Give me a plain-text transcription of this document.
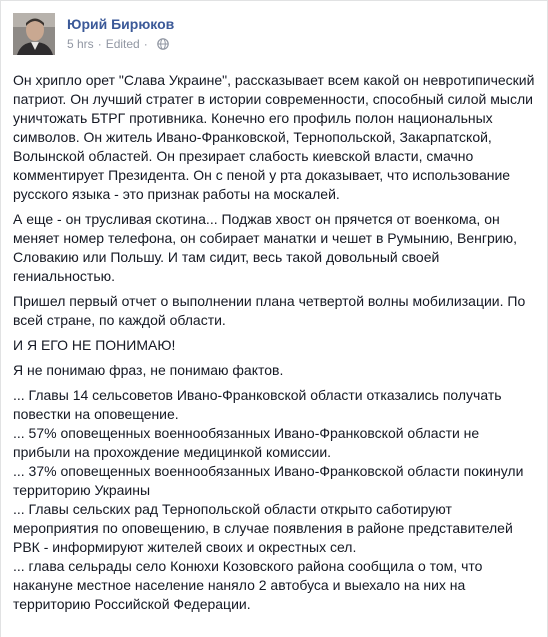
Юрий Бирюков
5 hrs · Edited ·

Он хрипло орет "Слава Украине", рассказывает всем какой он невротипический патриот. Он лучший стратег в истории современности, способный силой мысли уничтожать БТРГ противника. Конечно его профиль полон национальных символов. Он житель Ивано-Франковской, Тернопольской, Закарпатской, Волынской областей. Он презирает слабость киевской власти, смачно комментирует Президента. Он с пеной у рта доказывает, что использование русского языка - это признак работы на москалей.

А еще - он трусливая скотина... Поджав хвост он прячется от военкома, он меняет номер телефона, он собирает манатки и чешет в Румынию, Венгрию, Словакию или Польшу. И там сидит, весь такой довольный своей гениальностью.

Пришел первый отчет о выполнении плана четвертой волны мобилизации. По всей стране, по каждой области.

И Я ЕГО НЕ ПОНИМАЮ!

Я не понимаю фраз, не понимаю фактов.

... Главы 14 сельсоветов Ивано-Франковской области отказались получать повестки на оповещение.

... 57% оповещенных военнообязанных Ивано-Франковской области не прибыли на прохождение медицинкой комиссии.

... 37% оповещенных военнообязанных Ивано-Франковской области покинули территорию Украины

... Главы сельских рад Тернопольской области открыто саботируют мероприятия по оповещению, в случае появления в районе представителей РВК - информируют жителей своих и окрестных сел.

... глава сельрады село Конюхи Козовского района сообщила о том, что накануне местное население наняло 2 автобуса и выехало на них на территорию Российской Федерации.
